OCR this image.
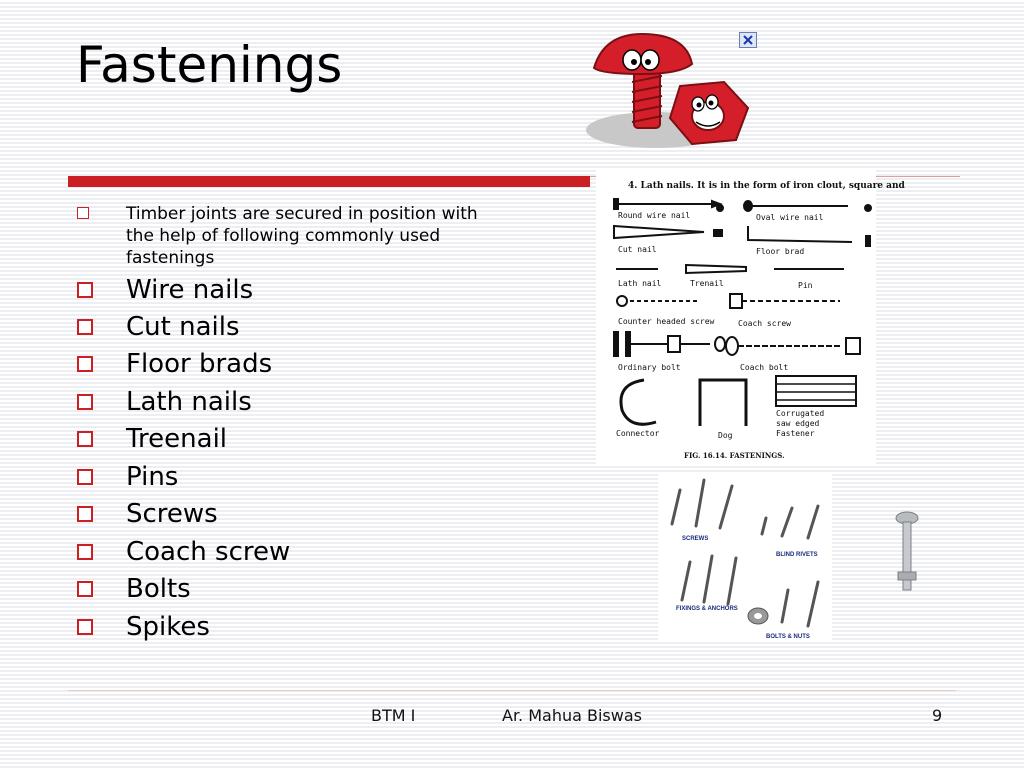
Fastenings
Timber joints are secured in position with the help of following commonly used fastenings
Wire nails
Cut nails
Floor brads
Lath nails
Treenail
Pins
Screws
Coach screw
Bolts
Spikes
4. Lath nails. It is in the form of iron clout, square and
Round wire nail	Oval wire nail
Cut nail	Floor brad
Lath nail	Trenail	Pin
Counter headed screw	Coach screw
Ordinary bolt	Coach bolt
Connector	Dog
Corrugated
saw edged
Fastener
FIG. 16.14. FASTENINGS.
SCREWS
BLIND RIVETS
FIXINGS & ANCHORS
BOLTS & NUTS
BTM I	Ar. Mahua Biswas	9
